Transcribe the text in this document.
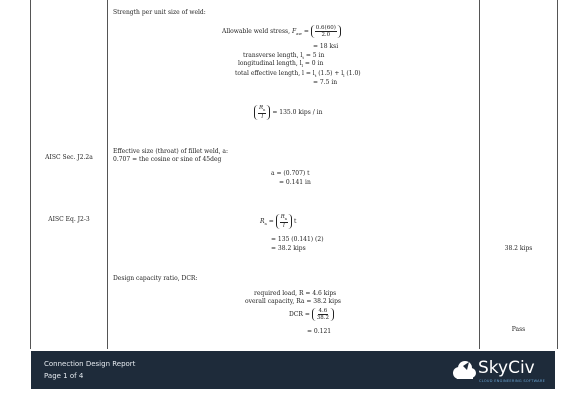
AISC Sec. J2.2a
AISC Eq. J2-3
Strength per unit size of weld:
Allowable weld stress, $F_{aw} = \frac{0.6(60)}{2.0}$
= 18 ksi
transverse length, $l_t = 5$ in
longitudinal length, $l_l = 0$ in
total effective length, $l = l_t$ $(1.5) + l_l$ (1.0)
= 7.5 in
$\frac{R_n}{l} = 135.0$ kips / in
Effective size (throat) of fillet weld, a:
0.707 = the cosine or sine of 45deg
a = (0.707) t
= 0.141 in
$R_n = \frac{R_n}{l}$ t
= 135 (0.141) (2)
= 38.2 kips
Design capacity ratio, DCR:
required load, R = 4.6 kips
overall capacity, Ra = 38.2 kips
DCR = $\frac{4.6}{38.2}$
= 0.121
38.2 kips
Pass
Connection Design Report
Page 1 of 4	SkyCiv
CLOUD ENGINEERING SOFTWARE
